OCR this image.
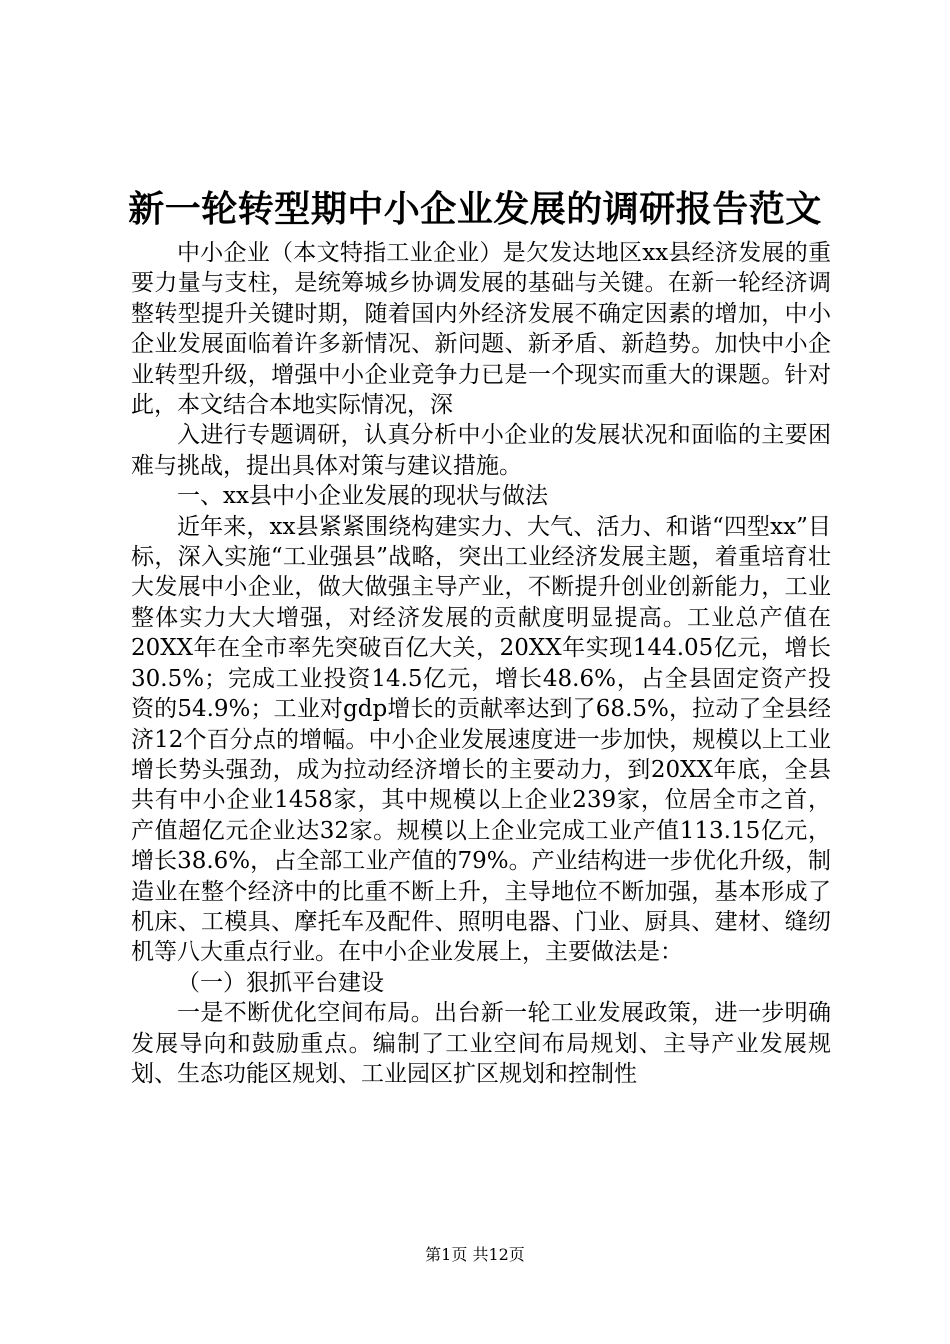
新一轮转型期中小企业发展的调研报告范文

中小企业（本文特指工业企业）是欠发达地区xx县经济发展的重要力量与支柱，是统筹城乡协调发展的基础与关键。在新一轮经济调整转型提升关键时期，随着国内外经济发展不确定因素的增加，中小企业发展面临着许多新情况、新问题、新矛盾、新趋势。加快中小企业转型升级，增强中小企业竞争力已是一个现实而重大的课题。针对此，本文结合本地实际情况，深

入进行专题调研，认真分析中小企业的发展状况和面临的主要困难与挑战，提出具体对策与建议措施。

一、xx县中小企业发展的现状与做法

近年来，xx县紧紧围绕构建实力、大气、活力、和谐“四型xx”目标，深入实施“工业强县”战略，突出工业经济发展主题，着重培育壮大发展中小企业，做大做强主导产业，不断提升创业创新能力，工业整体实力大大增强，对经济发展的贡献度明显提高。工业总产值在20XX年在全市率先突破百亿大关，20XX年实现144.05亿元，增长30.5%；完成工业投资14.5亿元，增长48.6%，占全县固定资产投资的54.9%；工业对gdp增长的贡献率达到了68.5%，拉动了全县经济12个百分点的增幅。中小企业发展速度进一步加快，规模以上工业增长势头强劲，成为拉动经济增长的主要动力，到20XX年底，全县共有中小企业1458家，其中规模以上企业239家，位居全市之首，产值超亿元企业达32家。规模以上企业完成工业产值113.15亿元，增长38.6%，占全部工业产值的79%。产业结构进一步优化升级，制造业在整个经济中的比重不断上升，主导地位不断加强，基本形成了机床、工模具、摩托车及配件、照明电器、门业、厨具、建材、缝纫机等八大重点行业。在中小企业发展上，主要做法是：

（一）狠抓平台建设

一是不断优化空间布局。出台新一轮工业发展政策，进一步明确发展导向和鼓励重点。编制了工业空间布局规划、主导产业发展规划、生态功能区规划、工业园区扩区规划和控制性

第1页 共12页
